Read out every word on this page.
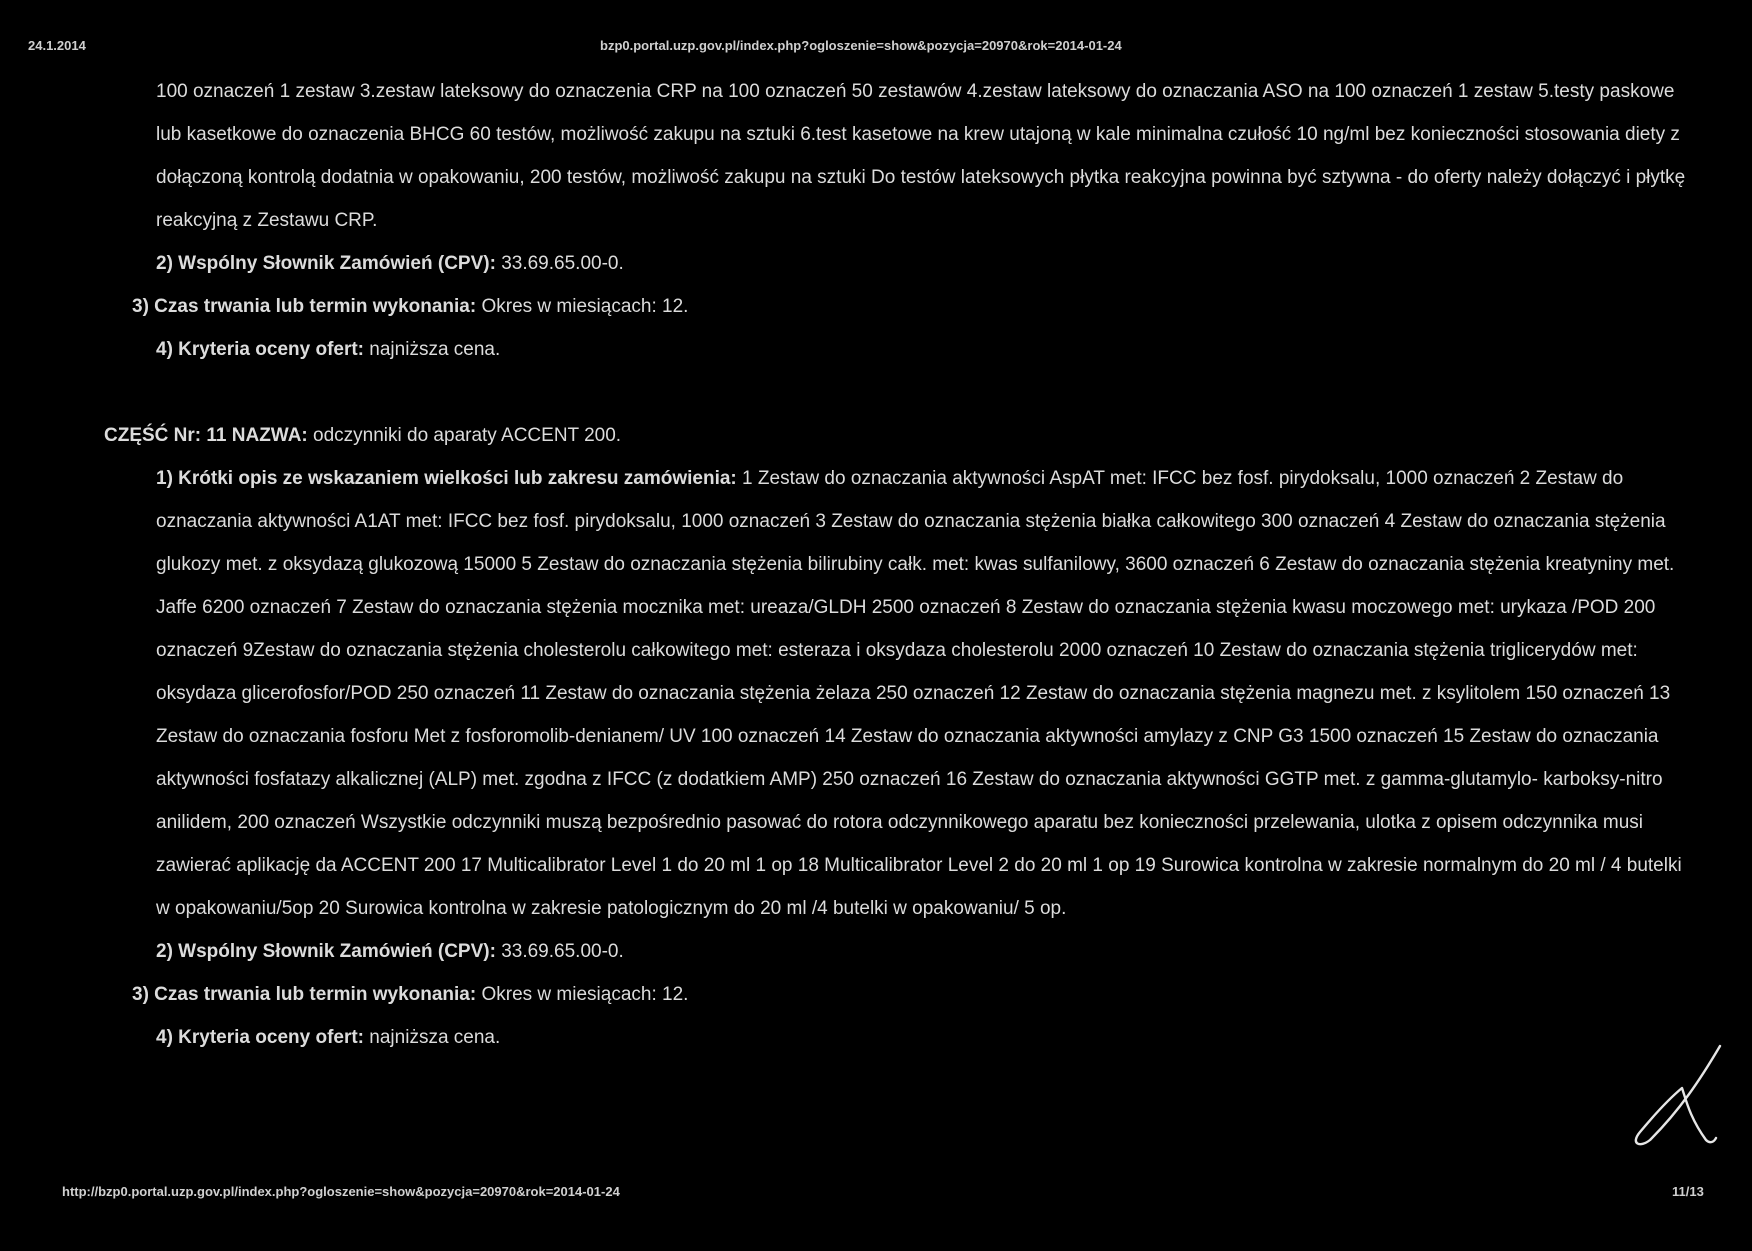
24.1.2014	bzp0.portal.uzp.gov.pl/index.php?ogloszenie=show&pozycja=20970&rok=2014-01-24

100 oznaczeń 1 zestaw 3.zestaw lateksowy do oznaczenia CRP na 100 oznaczeń 50 zestawów 4.zestaw lateksowy do oznaczania ASO na 100 oznaczeń 1 zestaw 5.testy paskowe lub kasetkowe do oznaczenia BHCG 60 testów, możliwość zakupu na sztuki 6.test kasetowe na krew utajoną w kale minimalna czułość 10 ng/ml bez konieczności stosowania diety z dołączoną kontrolą dodatnia w opakowaniu, 200 testów, możliwość zakupu na sztuki Do testów lateksowych płytka reakcyjna powinna być sztywna - do oferty należy dołączyć i płytkę reakcyjną z Zestawu CRP.

2) Wspólny Słownik Zamówień (CPV): 33.69.65.00-0.

3) Czas trwania lub termin wykonania: Okres w miesiącach: 12.

4) Kryteria oceny ofert: najniższa cena.

CZĘŚĆ Nr: 11 NAZWA: odczynniki do aparaty ACCENT 200.

1) Krótki opis ze wskazaniem wielkości lub zakresu zamówienia: 1 Zestaw do oznaczania aktywności AspAT met: IFCC bez fosf. pirydoksalu, 1000 oznaczeń 2 Zestaw do oznaczania aktywności A1AT met: IFCC bez fosf. pirydoksalu, 1000 oznaczeń 3 Zestaw do oznaczania stężenia białka całkowitego 300 oznaczeń 4 Zestaw do oznaczania stężenia glukozy met. z oksydazą glukozową 15000 5 Zestaw do oznaczania stężenia bilirubiny całk. met: kwas sulfanilowy, 3600 oznaczeń 6 Zestaw do oznaczania stężenia kreatyniny met. Jaffe 6200 oznaczeń 7 Zestaw do oznaczania stężenia mocznika met: ureaza/GLDH 2500 oznaczeń 8 Zestaw do oznaczania stężenia kwasu moczowego met: urykaza /POD 200 oznaczeń 9Zestaw do oznaczania stężenia cholesterolu całkowitego met: esteraza i oksydaza cholesterolu 2000 oznaczeń 10 Zestaw do oznaczania stężenia triglicerydów met: oksydaza glicerofosfor/POD 250 oznaczeń 11 Zestaw do oznaczania stężenia żelaza 250 oznaczeń 12 Zestaw do oznaczania stężenia magnezu met. z ksylitolem 150 oznaczeń 13 Zestaw do oznaczania fosforu Met z fosforomolib-denianem/ UV 100 oznaczeń 14 Zestaw do oznaczania aktywności amylazy z CNP G3 1500 oznaczeń 15 Zestaw do oznaczania aktywności fosfatazy alkalicznej (ALP) met. zgodna z IFCC (z dodatkiem AMP) 250 oznaczeń 16 Zestaw do oznaczania aktywności GGTP met. z gamma-glutamylo- karboksy-nitro anilidem, 200 oznaczeń Wszystkie odczynniki muszą bezpośrednio pasować do rotora odczynnikowego aparatu bez konieczności przelewania, ulotka z opisem odczynnika musi zawierać aplikację da ACCENT 200 17 Multicalibrator Level 1 do 20 ml 1 op 18 Multicalibrator Level 2 do 20 ml 1 op 19 Surowica kontrolna w zakresie normalnym do 20 ml / 4 butelki w opakowaniu/5op 20 Surowica kontrolna w zakresie patologicznym do 20 ml /4 butelki w opakowaniu/ 5 op.

2) Wspólny Słownik Zamówień (CPV): 33.69.65.00-0.

3) Czas trwania lub termin wykonania: Okres w miesiącach: 12.

4) Kryteria oceny ofert: najniższa cena.

http://bzp0.portal.uzp.gov.pl/index.php?ogloszenie=show&pozycja=20970&rok=2014-01-24	11/13
